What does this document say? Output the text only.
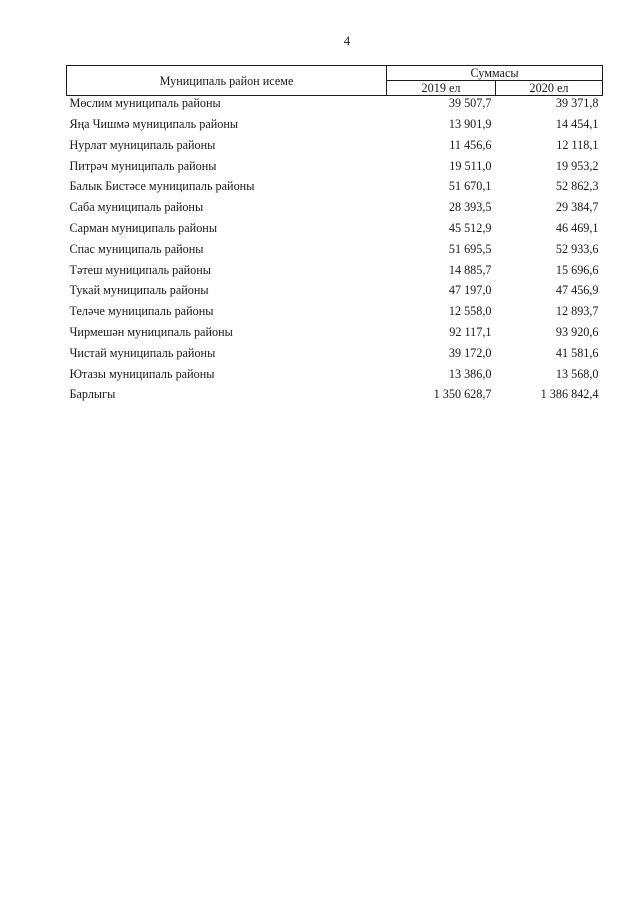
4
Муниципаль район исеме	Суммасы	
	2019 ел	2020 ел
Мөслим муниципаль районы	39 507,7	39 371,8
Яңа Чишмә муниципаль районы	13 901,9	14 454,1
Нурлат муниципаль районы	11 456,6	12 118,1
Питрәч муниципаль районы	19 511,0	19 953,2
Балык Бистәсе муниципаль районы	51 670,1	52 862,3
Саба муниципаль районы	28 393,5	29 384,7
Сарман муниципаль районы	45 512,9	46 469,1
Спас муниципаль районы	51 695,5	52 933,6
Тәтеш муниципаль районы	14 885,7	15 696,6
Тукай муниципаль районы	47 197,0	47 456,9
Теләче муниципаль районы	12 558,0	12 893,7
Чирмешән муниципаль районы	92 117,1	93 920,6
Чистай муниципаль районы	39 172,0	41 581,6
Ютазы муниципаль районы	13 386,0	13 568,0
Барлыгы	1 350 628,7	1 386 842,4
